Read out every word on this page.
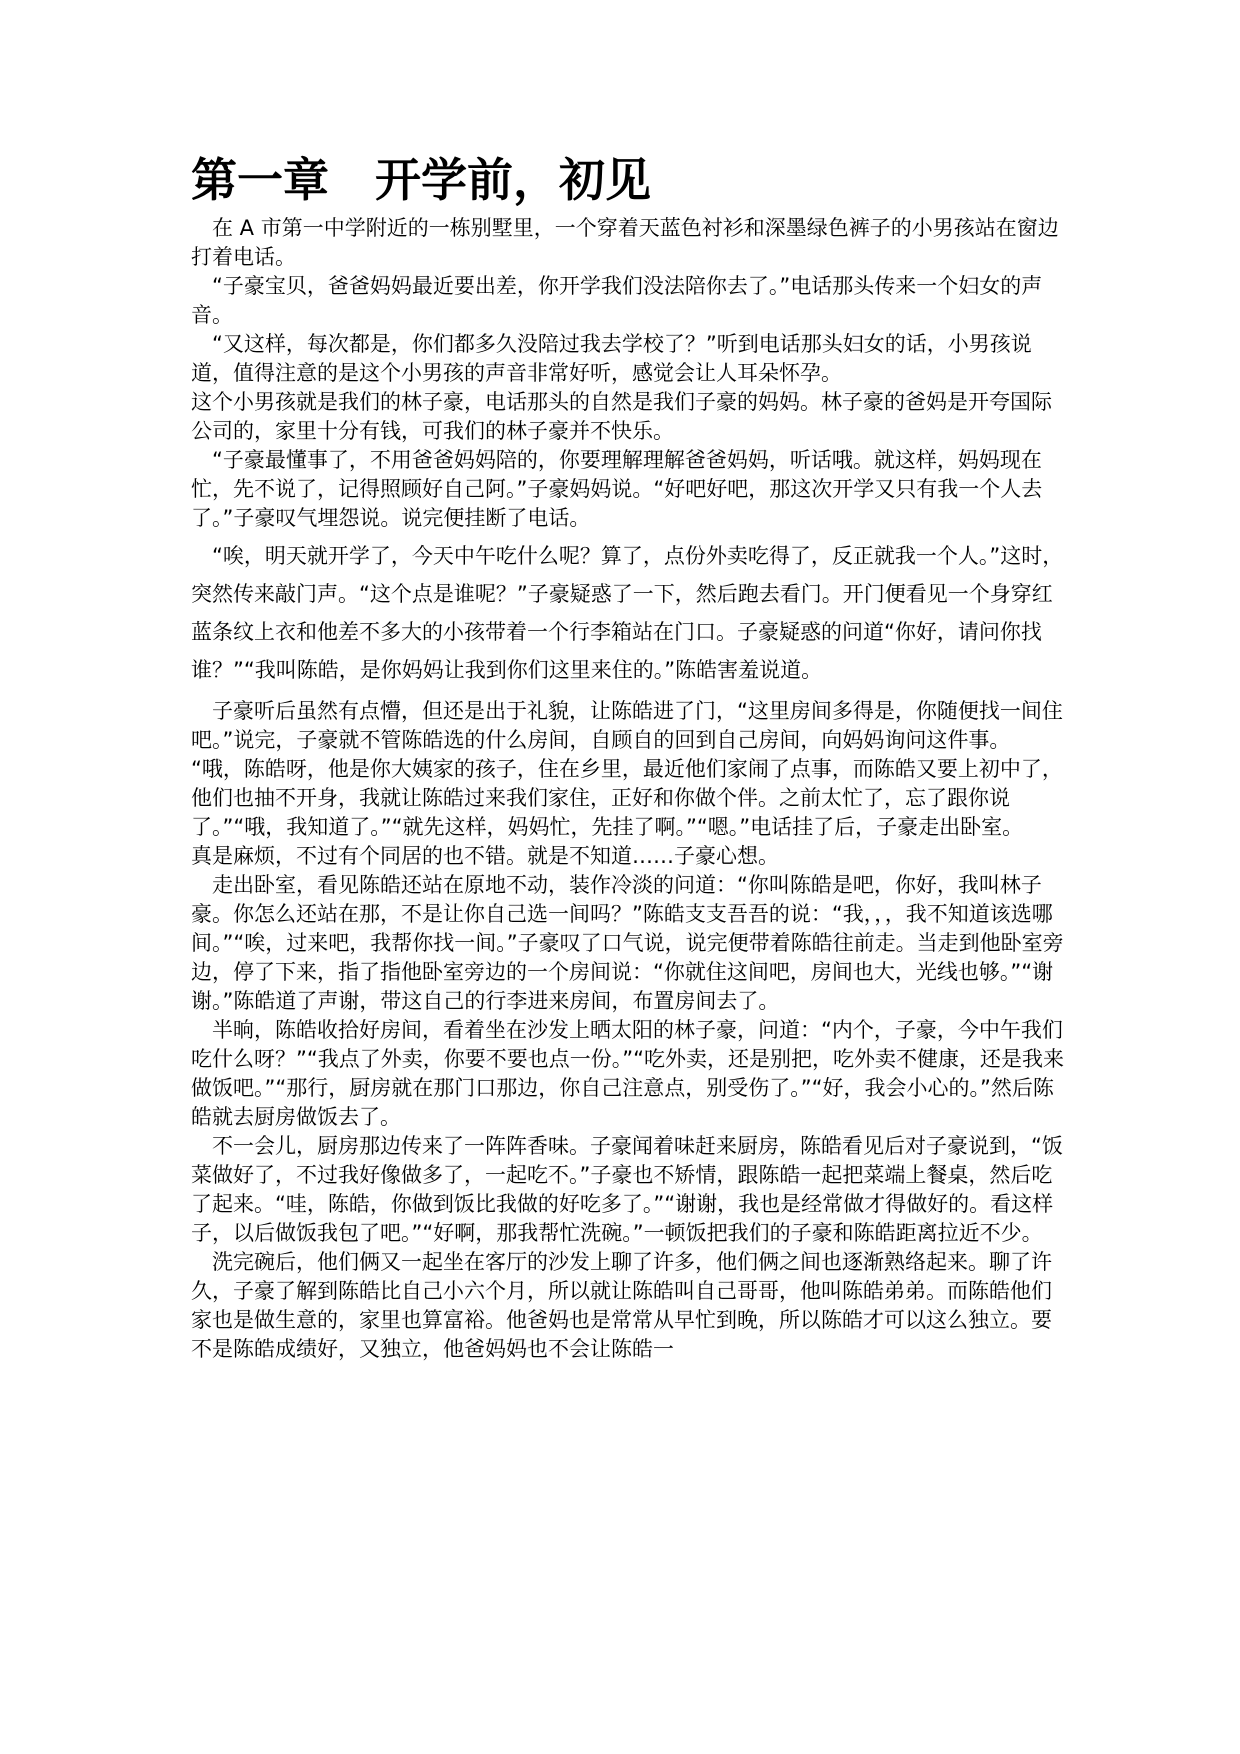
第一章　开学前，初见

在 A 市第一中学附近的一栋别墅里，一个穿着天蓝色衬衫和深墨绿色裤子的小男孩站在窗边打着电话。

“子豪宝贝，爸爸妈妈最近要出差，你开学我们没法陪你去了。”电话那头传来一个妇女的声音。

“又这样，每次都是，你们都多久没陪过我去学校了？”听到电话那头妇女的话，小男孩说道，值得注意的是这个小男孩的声音非常好听，感觉会让人耳朵怀孕。

这个小男孩就是我们的林子豪，电话那头的自然是我们子豪的妈妈。林子豪的爸妈是开夸国际公司的，家里十分有钱，可我们的林子豪并不快乐。

“子豪最懂事了，不用爸爸妈妈陪的，你要理解理解爸爸妈妈，听话哦。就这样，妈妈现在忙，先不说了，记得照顾好自己阿。”子豪妈妈说。“好吧好吧，那这次开学又只有我一个人去了。”子豪叹气埋怨说。说完便挂断了电话。

“唉，明天就开学了，今天中午吃什么呢？算了，点份外卖吃得了，反正就我一个人。”这时，突然传来敲门声。“这个点是谁呢？”子豪疑惑了一下，然后跑去看门。开门便看见一个身穿红蓝条纹上衣和他差不多大的小孩带着一个行李箱站在门口。子豪疑惑的问道“你好，请问你找谁？”“我叫陈皓，是你妈妈让我到你们这里来住的。”陈皓害羞说道。

子豪听后虽然有点懵，但还是出于礼貌，让陈皓进了门，“这里房间多得是，你随便找一间住吧。”说完，子豪就不管陈皓选的什么房间，自顾自的回到自己房间，向妈妈询问这件事。

“哦，陈皓呀，他是你大姨家的孩子，住在乡里，最近他们家闹了点事，而陈皓又要上初中了，他们也抽不开身，我就让陈皓过来我们家住，正好和你做个伴。之前太忙了，忘了跟你说了。”“哦，我知道了。”“就先这样，妈妈忙，先挂了啊。”“嗯。”电话挂了后，子豪走出卧室。　　真是麻烦，不过有个同居的也不错。就是不知道……子豪心想。

走出卧室，看见陈皓还站在原地不动，装作冷淡的问道：“你叫陈皓是吧，你好，我叫林子豪。你怎么还站在那，不是让你自己选一间吗？”陈皓支支吾吾的说：“我，，，我不知道该选哪间。”“唉，过来吧，我帮你找一间。”子豪叹了口气说，说完便带着陈皓往前走。当走到他卧室旁边，停了下来，指了指他卧室旁边的一个房间说：“你就住这间吧，房间也大，光线也够。”“谢谢。”陈皓道了声谢，带这自己的行李进来房间，布置房间去了。

半晌，陈皓收拾好房间，看着坐在沙发上晒太阳的林子豪，问道：“内个，子豪，今中午我们吃什么呀？”“我点了外卖，你要不要也点一份。”“吃外卖，还是别把，吃外卖不健康，还是我来做饭吧。”“那行，厨房就在那门口那边，你自己注意点，别受伤了。”“好，我会小心的。”然后陈皓就去厨房做饭去了。

不一会儿，厨房那边传来了一阵阵香味。子豪闻着味赶来厨房，陈皓看见后对子豪说到，“饭菜做好了，不过我好像做多了，一起吃不。”子豪也不矫情，跟陈皓一起把菜端上餐桌，然后吃了起来。“哇，陈皓，你做到饭比我做的好吃多了。”“谢谢，我也是经常做才得做好的。看这样子，以后做饭我包了吧。”“好啊，那我帮忙洗碗。”一顿饭把我们的子豪和陈皓距离拉近不少。

洗完碗后，他们俩又一起坐在客厅的沙发上聊了许多，他们俩之间也逐渐熟络起来。聊了许久，子豪了解到陈皓比自己小六个月，所以就让陈皓叫自己哥哥，他叫陈皓弟弟。而陈皓他们家也是做生意的，家里也算富裕。他爸妈也是常常从早忙到晚，所以陈皓才可以这么独立。要不是陈皓成绩好，又独立，他爸妈妈也不会让陈皓一
